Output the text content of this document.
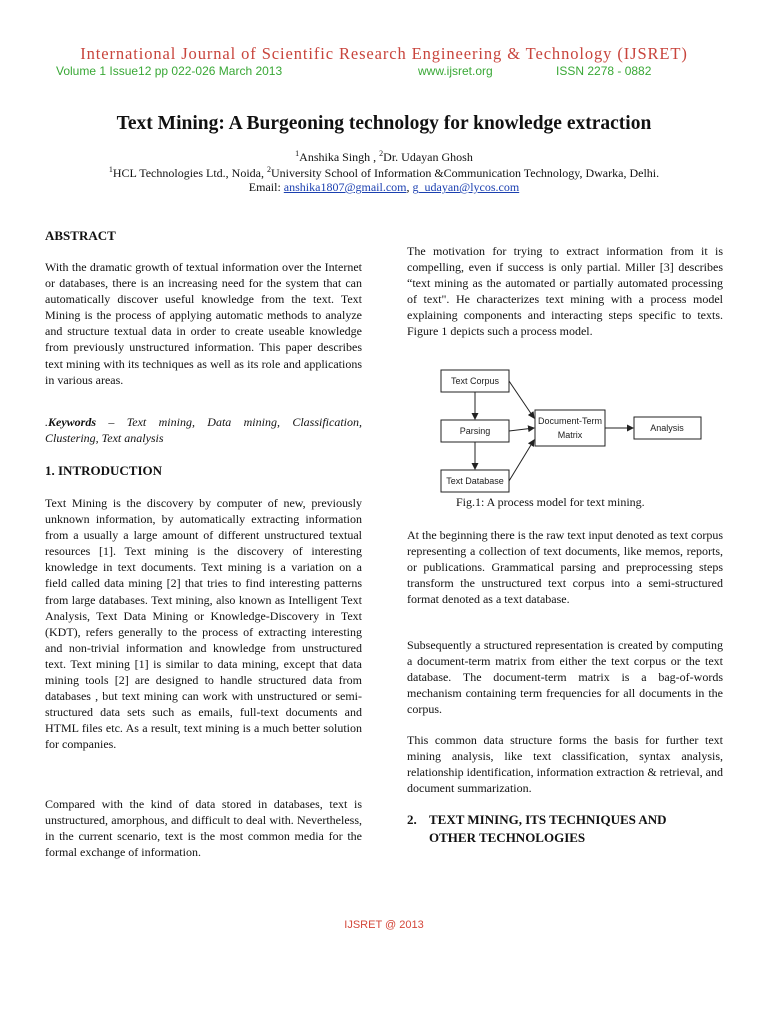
International Journal of Scientific Research Engineering & Technology (IJSRET)
Volume 1 Issue12 pp 022-026 March 2013	www.ijsret.org	ISSN 2278 - 0882
Text Mining: A Burgeoning technology for knowledge extraction
$^1$Anshika Singh , $^2$Dr. Udayan Ghosh
$^1$HCL Technologies Ltd., Noida, $^2$University School of Information &Communication Technology, Dwarka, Delhi.
Email: anshika1807@gmail.com, g_udayan@lycos.com
ABSTRACT

With the dramatic growth of textual information over the Internet or databases, there is an increasing need for the system that can automatically discover useful knowledge from the text. Text Mining is the process of applying automatic methods to analyze and structure textual data in order to create useable knowledge from previously unstructured information. This paper describes text mining with its techniques as well as its role and applications in various areas.

.Keywords – Text mining, Data mining, Classification, Clustering, Text analysis
1. INTRODUCTION

Text Mining is the discovery by computer of new, previously unknown information, by automatically extracting information from a usually a large amount of different unstructured textual resources [1]. Text mining is the discovery of interesting knowledge in text documents. Text mining is a variation on a field called data mining [2] that tries to find interesting patterns from large databases. Text mining, also known as Intelligent Text Analysis, Text Data Mining or Knowledge-Discovery in Text (KDT), refers generally to the process of extracting interesting and non-trivial information and knowledge from unstructured text. Text mining [1] is similar to data mining, except that data mining tools [2] are designed to handle structured data from databases , but text mining can work with unstructured or semi-structured data sets such as emails, full-text documents and HTML files etc. As a result, text mining is a much better solution for companies.

Compared with the kind of data stored in databases, text is unstructured, amorphous, and difficult to deal with. Nevertheless, in the current scenario, text is the most common media for the formal exchange of information.

The motivation for trying to extract information from it is compelling, even if success is only partial. Miller [3] describes “text mining as the automated or partially automated processing of text". He characterizes text mining with a process model explaining components and interacting steps specific to texts. Figure 1 depicts such a process model.

Text Corpus
Parsing
Text Database
Document-Term
Matrix
Analysis
Fig.1: A process model for text mining.

At the beginning there is the raw text input denoted as text corpus representing a collection of text documents, like memos, reports, or publications. Grammatical parsing and preprocessing steps transform the unstructured text corpus into a semi-structured format denoted as a text database.

Subsequently a structured representation is created by computing a document-term matrix from either the text corpus or the text database. The document-term matrix is a bag-of-words mechanism containing term frequencies for all documents in the corpus.

This common data structure forms the basis for further text mining analysis, like text classification, syntax analysis, relationship identification, information extraction & retrieval, and document summarization.

2. TEXT MINING, ITS TECHNIQUES AND
OTHER TECHNOLOGIES
IJSRET @ 2013
